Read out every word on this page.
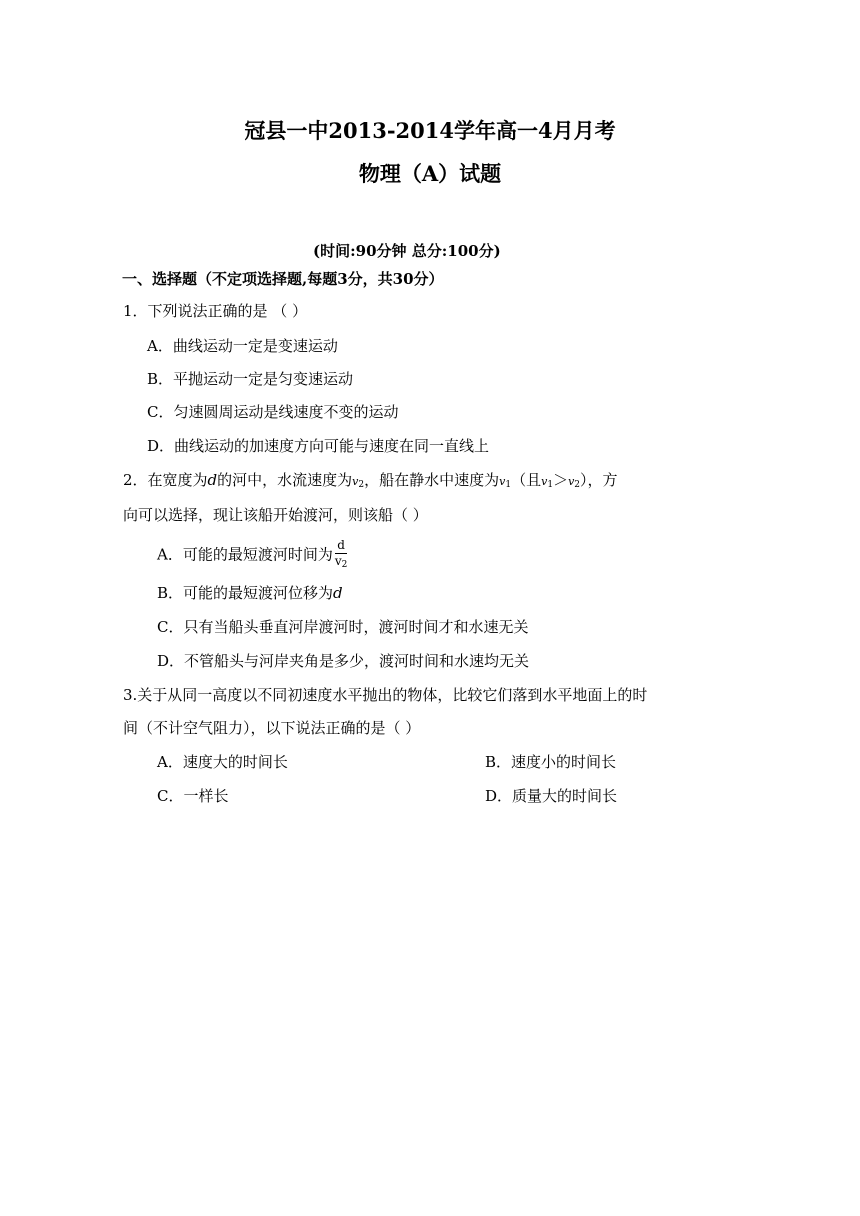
冠县一中2013-2014学年高一4月月考
物理（A）试题
(时间:90分钟 总分:100分)
一、选择题（不定项选择题,每题3分，共30分）
1．下列说法正确的是 （ ）
A．曲线运动一定是变速运动
B．平抛运动一定是匀变速运动
C．匀速圆周运动是线速度不变的运动
D．曲线运动的加速度方向可能与速度在同一直线上
2．在宽度为d的河中，水流速度为$v_2$，船在静水中速度为$v_1$（且$v_1>v_2$），方
向可以选择，现让该船开始渡河，则该船（ ）
A．可能的最短渡河时间为 $\frac{d}{v_2}$
B．可能的最短渡河位移为d
C．只有当船头垂直河岸渡河时，渡河时间才和水速无关
D．不管船头与河岸夹角是多少，渡河时间和水速均无关
3.关于从同一高度以不同初速度水平抛出的物体，比较它们落到水平地面上的时
间（不计空气阻力），以下说法正确的是（ ）
A．速度大的时间长	B．速度小的时间长
C．一样长	D．质量大的时间长
